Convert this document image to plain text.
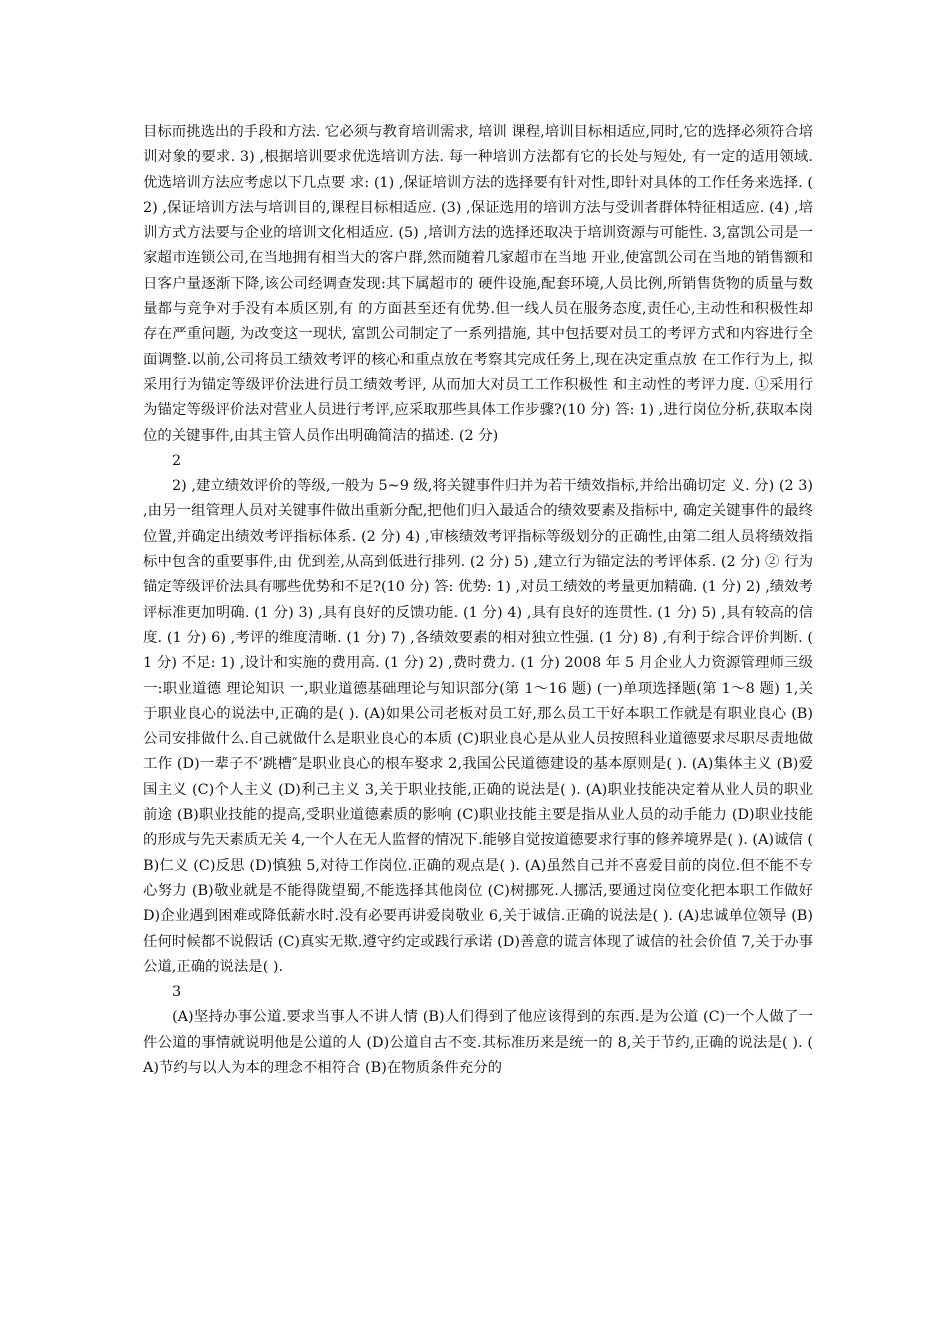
目标而挑选出的手段和方法. 它必须与教育培训需求, 培训 课程,培训目标相适应,同时,它的选择必须符合培训对象的要求. 3) ,根据培训要求优选培训方法. 每一种培训方法都有它的长处与短处, 有一定的适用领域. 优选培训方法应考虑以下几点要 求: (1) ,保证培训方法的选择要有针对性,即针对具体的工作任务来选择. (2) ,保证培训方法与培训目的,课程目标相适应. (3) ,保证选用的培训方法与受训者群体特征相适应. (4) ,培训方式方法要与企业的培训文化相适应. (5) ,培训方法的选择还取决于培训资源与可能性. 3,富凯公司是一家超市连锁公司,在当地拥有相当大的客户群,然而随着几家超市在当地 开业,使富凯公司在当地的销售额和日客户量逐渐下降,该公司经调查发现:其下属超市的 硬件设施,配套环境,人员比例,所销售货物的质量与数量都与竞争对手没有本质区别,有 的方面甚至还有优势.但一线人员在服务态度,责任心,主动性和积极性却存在严重问题, 为改变这一现状, 富凯公司制定了一系列措施, 其中包括要对员工的考评方式和内容进行全 面调整.以前,公司将员工绩效考评的核心和重点放在考察其完成任务上,现在决定重点放 在工作行为上, 拟采用行为锚定等级评价法进行员工绩效考评, 从而加大对员工工作积极性 和主动性的考评力度. ①采用行为锚定等级评价法对营业人员进行考评,应采取那些具体工作步骤?(10 分) 答: 1) ,进行岗位分析,获取本岗位的关键事件,由其主管人员作出明确简洁的描述. (2 分)

2

2) ,建立绩效评价的等级,一般为 5~9 级,将关键事件归并为若干绩效指标,并给出确切定 义. 分) (2 3) ,由另一组管理人员对关键事件做出重新分配,把他们归入最适合的绩效要素及指标中, 确定关键事件的最终位置,并确定出绩效考评指标体系. (2 分) 4) ,审核绩效考评指标等级划分的正确性,由第二组人员将绩效指标中包含的重要事件,由 优到差,从高到低进行排列. (2 分) 5) ,建立行为锚定法的考评体系. (2 分) ② 行为锚定等级评价法具有哪些优势和不足?(10 分) 答: 优势: 1) ,对员工绩效的考量更加精确. (1 分) 2) ,绩效考评标准更加明确. (1 分) 3) ,具有良好的反馈功能. (1 分) 4) ,具有良好的连贯性. (1 分) 5) ,具有较高的信度. (1 分) 6) ,考评的维度清晰. (1 分) 7) ,各绩效要素的相对独立性强. (1 分) 8) ,有利于综合评价判断. (1 分) 不足: 1) ,设计和实施的费用高. (1 分) 2) ,费时费力. (1 分) 2008 年 5 月企业人力资源管理师三级 一:职业道德 理论知识 一,职业道德基础理论与知识部分(第 1～16 题) (一)单项选择题(第 1～8 题) 1,关于职业良心的说法中,正确的是( ). (A)如果公司老板对员工好,那么员工干好本职工作就是有职业良心 (B)公司安排做什么.自己就做什么是职业良心的本质 (C)职业良心是从业人员按照科业道德要求尽职尽责地做工作 (D)一辈子不’跳槽″是职业良心的根车娶求 2,我国公民道德建设的基本原则是( ). (A)集体主义 (B)爱国主义 (C)个人主义 (D)利己主义 3,关于职业技能,正确的说法是( ). (A)职业技能决定着从业人员的职业前途 (B)职业技能的提高,受职业道德素质的影响 (C)职业技能主要是指从业人员的动手能力 (D)职业技能的形成与先天素质无关 4,一个人在无人监督的情况下.能够自觉按道德要求行事的修养境界是( ). (A)诚信 (B)仁义 (C)反思 (D)慎独 5,对待工作岗位.正确的观点是( ). (A)虽然自己并不喜爱目前的岗位.但不能不专心努力 (B)敬业就是不能得陇望蜀,不能选择其他岗位 (C)树挪死.人挪活,要通过岗位变化把本职工作做好 D)企业遇到困难或降低薪水时.没有必要再讲爱岗敬业 6,关于诚信.正确的说法是( ). (A)忠诚单位领导 (B)任何时候都不说假话 (C)真实无欺.遵守约定或践行承诺 (D)善意的谎言体现了诚信的社会价值 7,关于办事公道,正确的说法是( ).

3

(A)坚持办事公道.要求当事人不讲人情 (B)人们得到了他应该得到的东西.是为公道 (C)一个人做了一件公道的事情就说明他是公道的人 (D)公道自古不变.其标准历来是统一的 8,关于节约,正确的说法是( ). (A)节约与以人为本的理念不相符合 (B)在物质条件充分的
